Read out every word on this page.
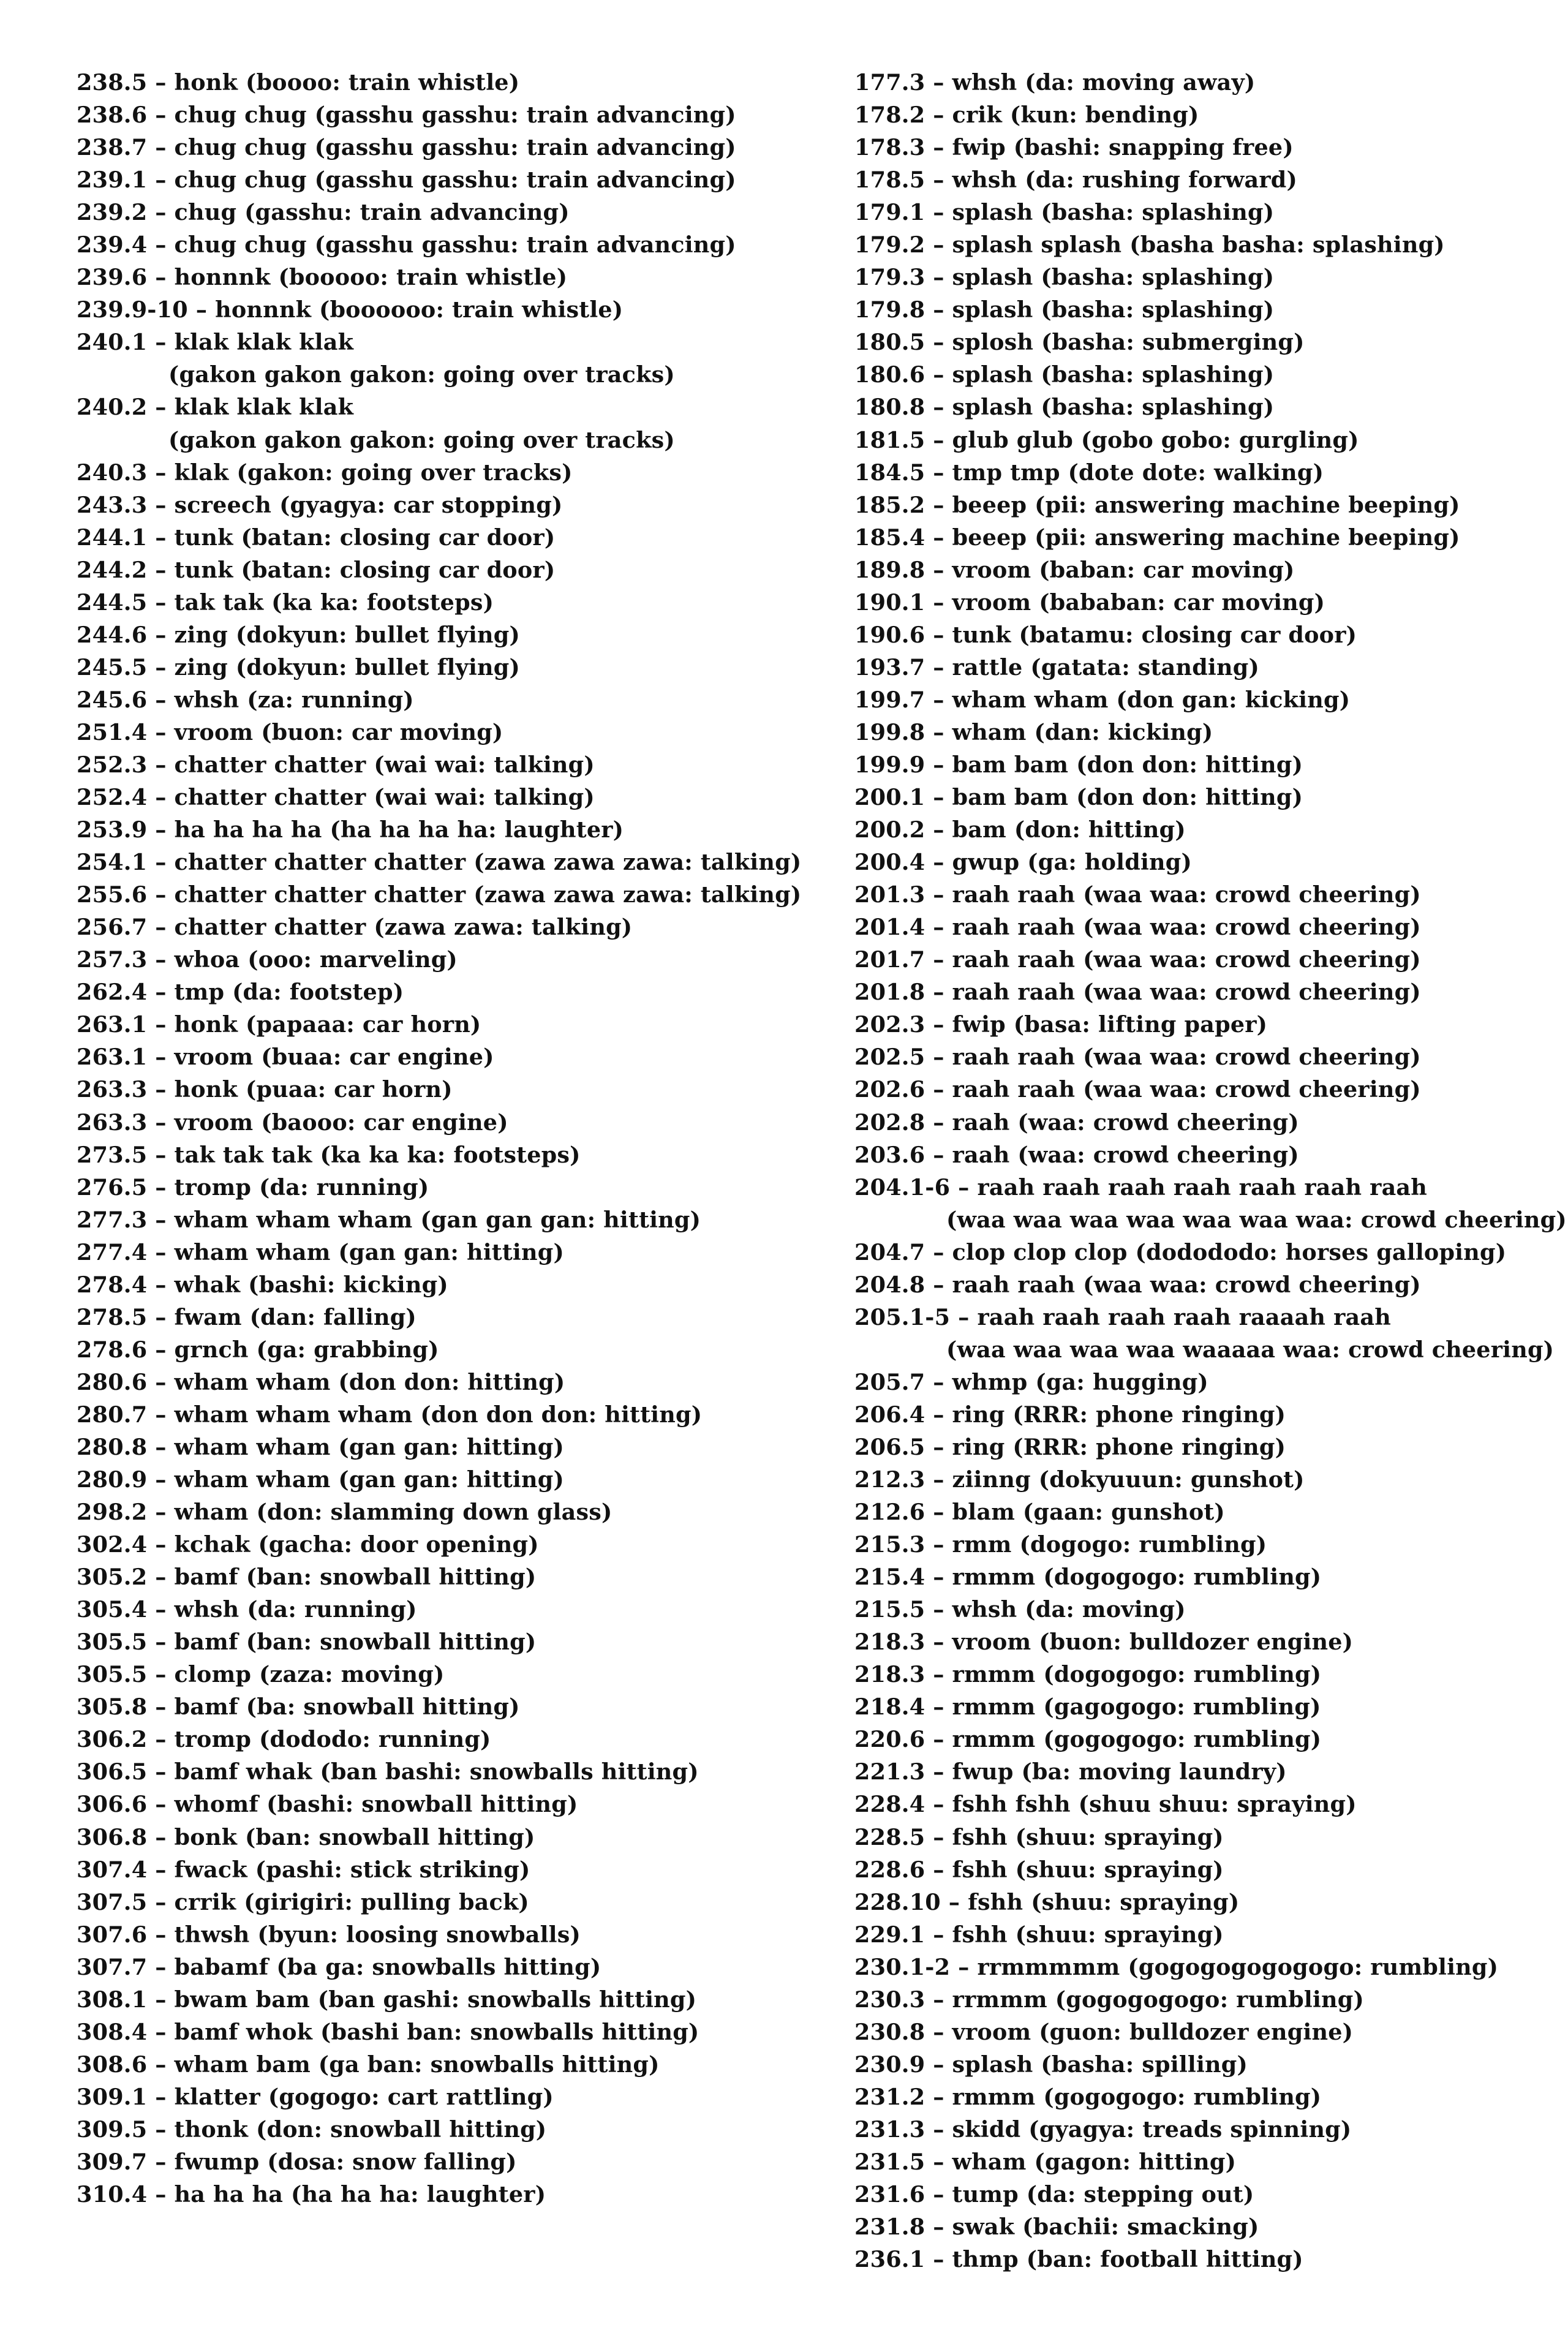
238.5 – honk (boooo: train whistle)
238.6 – chug chug (gasshu gasshu: train advancing)
238.7 – chug chug (gasshu gasshu: train advancing)
239.1 – chug chug (gasshu gasshu: train advancing)
239.2 – chug (gasshu: train advancing)
239.4 – chug chug (gasshu gasshu: train advancing)
239.6 – honnnk (booooo: train whistle)
239.9-10 – honnnk (boooooo: train whistle)
240.1 – klak klak klak
(gakon gakon gakon: going over tracks)
240.2 – klak klak klak
(gakon gakon gakon: going over tracks)
240.3 – klak (gakon: going over tracks)
243.3 – screech (gyagya: car stopping)
244.1 – tunk (batan: closing car door)
244.2 – tunk (batan: closing car door)
244.5 – tak tak (ka ka: footsteps)
244.6 – zing (dokyun: bullet flying)
245.5 – zing (dokyun: bullet flying)
245.6 – whsh (za: running)
251.4 – vroom (buon: car moving)
252.3 – chatter chatter (wai wai: talking)
252.4 – chatter chatter (wai wai: talking)
253.9 – ha ha ha ha (ha ha ha ha: laughter)
254.1 – chatter chatter chatter (zawa zawa zawa: talking)
255.6 – chatter chatter chatter (zawa zawa zawa: talking)
256.7 – chatter chatter (zawa zawa: talking)
257.3 – whoa (ooo: marveling)
262.4 – tmp (da: footstep)
263.1 – honk (papaaa: car horn)
263.1 – vroom (buaa: car engine)
263.3 – honk (puaa: car horn)
263.3 – vroom (baooo: car engine)
273.5 – tak tak tak (ka ka ka: footsteps)
276.5 – tromp (da: running)
277.3 – wham wham wham (gan gan gan: hitting)
277.4 – wham wham (gan gan: hitting)
278.4 – whak (bashi: kicking)
278.5 – fwam (dan: falling)
278.6 – grnch (ga: grabbing)
280.6 – wham wham (don don: hitting)
280.7 – wham wham wham (don don don: hitting)
280.8 – wham wham (gan gan: hitting)
280.9 – wham wham (gan gan: hitting)
298.2 – wham (don: slamming down glass)
302.4 – kchak (gacha: door opening)
305.2 – bamf (ban: snowball hitting)
305.4 – whsh (da: running)
305.5 – bamf (ban: snowball hitting)
305.5 – clomp (zaza: moving)
305.8 – bamf (ba: snowball hitting)
306.2 – tromp (dododo: running)
306.5 – bamf whak (ban bashi: snowballs hitting)
306.6 – whomf (bashi: snowball hitting)
306.8 – bonk (ban: snowball hitting)
307.4 – fwack (pashi: stick striking)
307.5 – crrik (girigiri: pulling back)
307.6 – thwsh (byun: loosing snowballs)
307.7 – babamf (ba ga: snowballs hitting)
308.1 – bwam bam (ban gashi: snowballs hitting)
308.4 – bamf whok (bashi ban: snowballs hitting)
308.6 – wham bam (ga ban: snowballs hitting)
309.1 – klatter (gogogo: cart rattling)
309.5 – thonk (don: snowball hitting)
309.7 – fwump (dosa: snow falling)
310.4 – ha ha ha (ha ha ha: laughter)
177.3 – whsh (da: moving away)
178.2 – crik (kun: bending)
178.3 – fwip (bashi: snapping free)
178.5 – whsh (da: rushing forward)
179.1 – splash (basha: splashing)
179.2 – splash splash (basha basha: splashing)
179.3 – splash (basha: splashing)
179.8 – splash (basha: splashing)
180.5 – splosh (basha: submerging)
180.6 – splash (basha: splashing)
180.8 – splash (basha: splashing)
181.5 – glub glub (gobo gobo: gurgling)
184.5 – tmp tmp (dote dote: walking)
185.2 – beeep (pii: answering machine beeping)
185.4 – beeep (pii: answering machine beeping)
189.8 – vroom (baban: car moving)
190.1 – vroom (bababan: car moving)
190.6 – tunk (batamu: closing car door)
193.7 – rattle (gatata: standing)
199.7 – wham wham (don gan: kicking)
199.8 – wham (dan: kicking)
199.9 – bam bam (don don: hitting)
200.1 – bam bam (don don: hitting)
200.2 – bam (don: hitting)
200.4 – gwup (ga: holding)
201.3 – raah raah (waa waa: crowd cheering)
201.4 – raah raah (waa waa: crowd cheering)
201.7 – raah raah (waa waa: crowd cheering)
201.8 – raah raah (waa waa: crowd cheering)
202.3 – fwip (basa: lifting paper)
202.5 – raah raah (waa waa: crowd cheering)
202.6 – raah raah (waa waa: crowd cheering)
202.8 – raah (waa: crowd cheering)
203.6 – raah (waa: crowd cheering)
204.1-6 – raah raah raah raah raah raah raah
(waa waa waa waa waa waa waa: crowd cheering)
204.7 – clop clop clop (dodododo: horses galloping)
204.8 – raah raah (waa waa: crowd cheering)
205.1-5 – raah raah raah raah raaaah raah
(waa waa waa waa waaaaa waa: crowd cheering)
205.7 – whmp (ga: hugging)
206.4 – ring (RRR: phone ringing)
206.5 – ring (RRR: phone ringing)
212.3 – ziinng (dokyuuun: gunshot)
212.6 – blam (gaan: gunshot)
215.3 – rmm (dogogo: rumbling)
215.4 – rmmm (dogogogo: rumbling)
215.5 – whsh (da: moving)
218.3 – vroom (buon: bulldozer engine)
218.3 – rmmm (dogogogo: rumbling)
218.4 – rmmm (gagogogo: rumbling)
220.6 – rmmm (gogogogo: rumbling)
221.3 – fwup (ba: moving laundry)
228.4 – fshh fshh (shuu shuu: spraying)
228.5 – fshh (shuu: spraying)
228.6 – fshh (shuu: spraying)
228.10 – fshh (shuu: spraying)
229.1 – fshh (shuu: spraying)
230.1-2 – rrmmmmm (gogogogogogogo: rumbling)
230.3 – rrmmm (gogogogogo: rumbling)
230.8 – vroom (guon: bulldozer engine)
230.9 – splash (basha: spilling)
231.2 – rmmm (gogogogo: rumbling)
231.3 – skidd (gyagya: treads spinning)
231.5 – wham (gagon: hitting)
231.6 – tump (da: stepping out)
231.8 – swak (bachii: smacking)
236.1 – thmp (ban: football hitting)
